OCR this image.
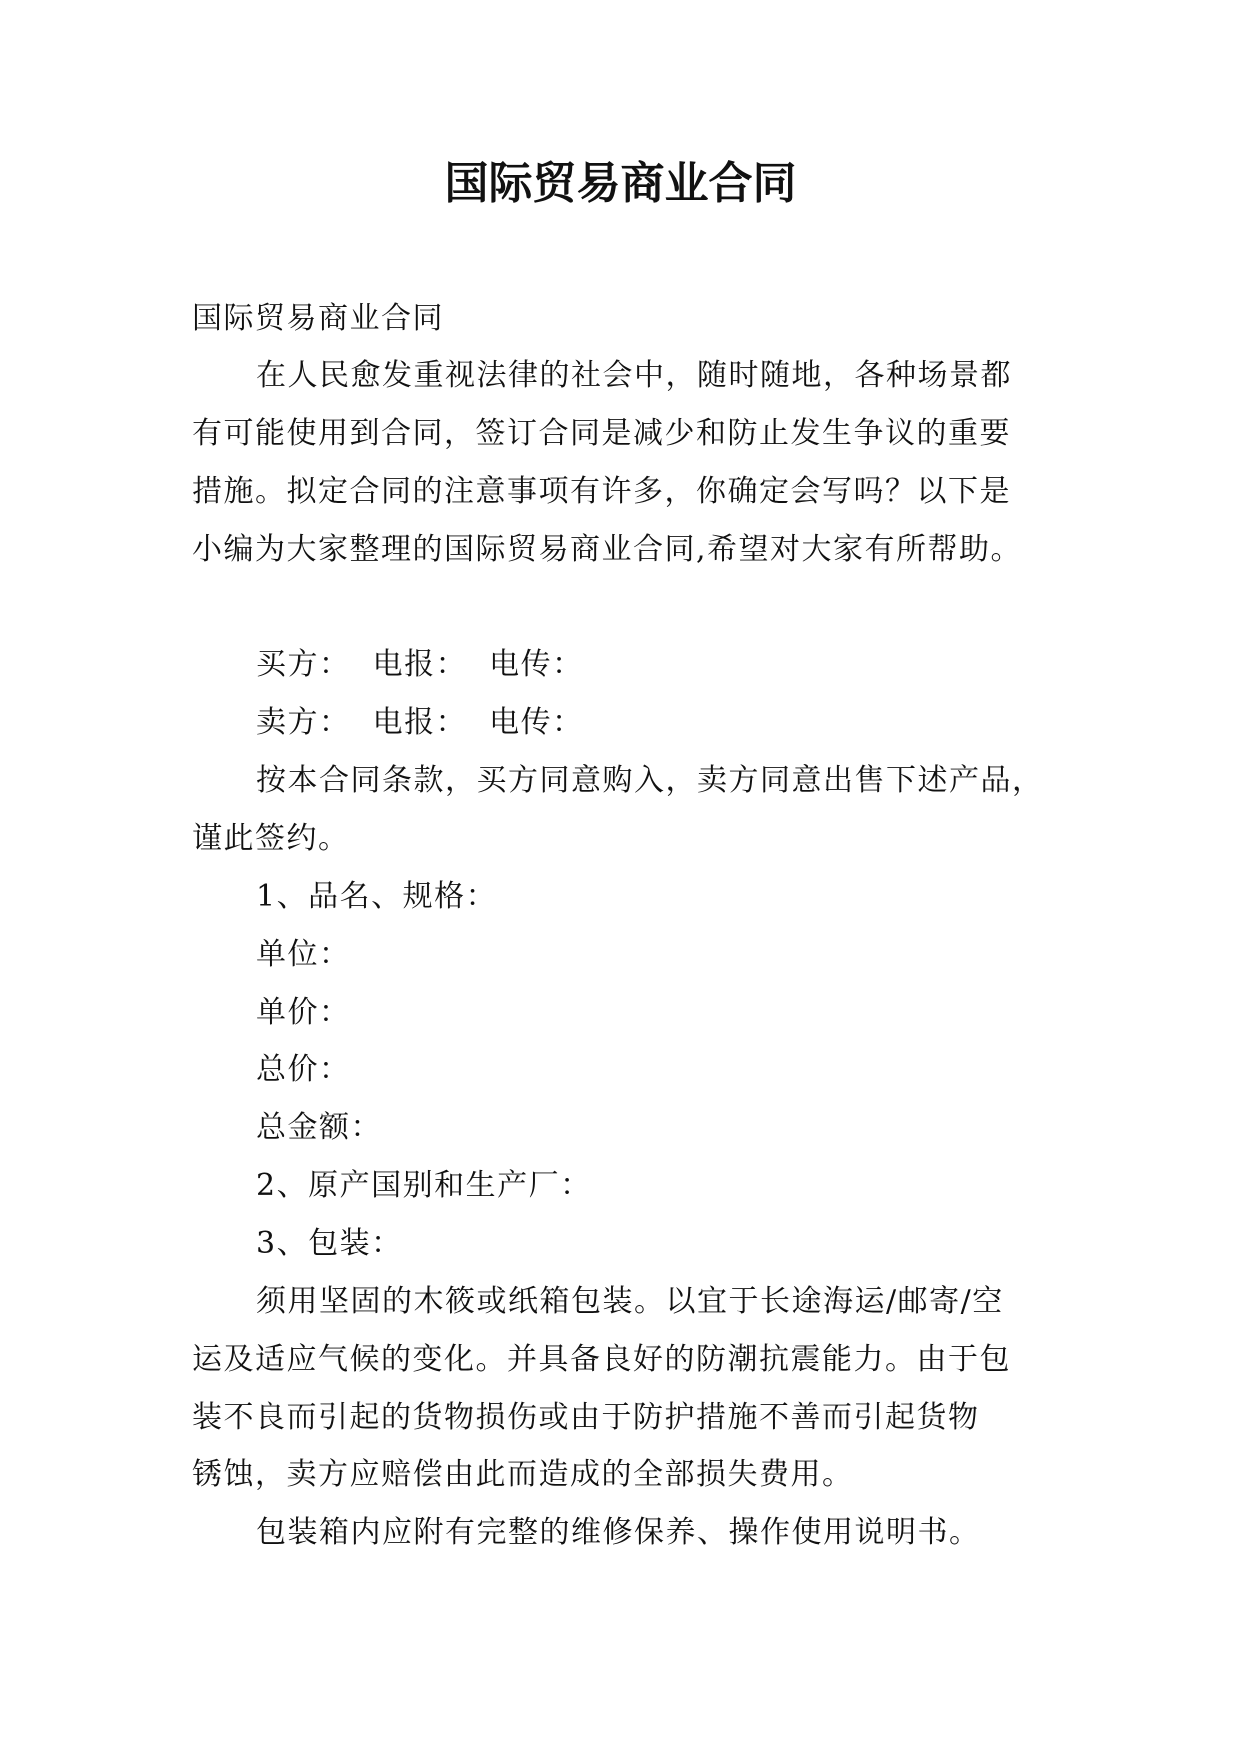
国际贸易商业合同
国际贸易商业合同
在人民愈发重视法律的社会中，随时随地，各种场景都
有可能使用到合同，签订合同是减少和防止发生争议的重要
措施。拟定合同的注意事项有许多，你确定会写吗？以下是
小编为大家整理的国际贸易商业合同,希望对大家有所帮助。
买方：  电报：  电传：
卖方：  电报：  电传：
按本合同条款，买方同意购入，卖方同意出售下述产品，
谨此签约。
1、品名、规格：
单位：
单价：
总价：
总金额：
2、原产国别和生产厂：
3、包装：
须用坚固的木筱或纸箱包装。以宜于长途海运/邮寄/空
运及适应气候的变化。并具备良好的防潮抗震能力。由于包
装不良而引起的货物损伤或由于防护措施不善而引起货物
锈蚀，卖方应赔偿由此而造成的全部损失费用。
包装箱内应附有完整的维修保养、操作使用说明书。
